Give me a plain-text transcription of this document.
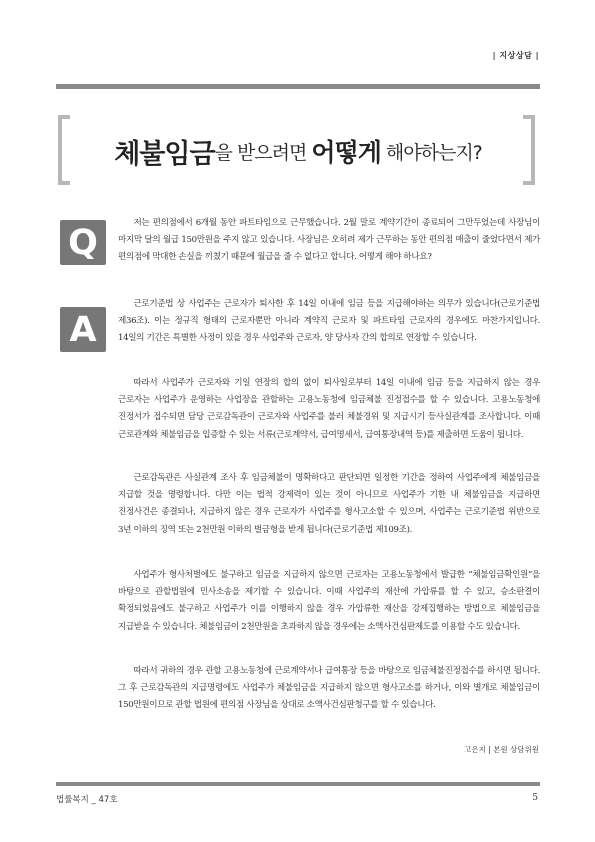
| 지상상담 |
체불임금 을 받으려면 어떻게 해야하는지?
Q	저는 편의점에서 6개월 동안 파트타임으로 근무했습니다. 2월 말로 계약기간이 종료되어 그만두었는데 사장님이 마지막 달의 월급 150만원을 주지 않고 있습니다. 사장님은 오히려 제가 근무하는 동안 편의점 매출이 줄었다면서 제가 편의점에 막대한 손실을 끼쳤기 때문에 월급을 줄 수 없다고 합니다. 어떻게 해야 하나요?

A

근로기준법 상 사업주는 근로자가 퇴사한 후 14일 이내에 임금 등을 지급해야하는 의무가 있습니다(근로기준법 제36조). 이는 정규직 형태의 근로자뿐만 아니라 계약직 근로자 및 파트타임 근로자의 경우에도 마찬가지입니다. 14일의 기간은 특별한 사정이 있을 경우 사업주와 근로자, 양 당사자 간의 합의로 연장할 수 있습니다.

따라서 사업주가 근로자와 기일 연장의 합의 없이 퇴사일로부터 14일 이내에 임금 등을 지급하지 않는 경우 근로자는 사업주가 운영하는 사업장을 관할하는 고용노동청에 임금체불 진정접수를 할 수 있습니다. 고용노동청에 진정서가 접수되면 담당 근로감독관이 근로자와 사업주를 불러 체불경위 및 지급시기 등사실관계를 조사합니다. 이때 근로관계와 체불임금을 입증할 수 있는 서류(근로계약서, 급여명세서, 급여통장내역 등)를 제출하면 도움이 됩니다.

근로감독관은 사실관계 조사 후 임금체불이 명확하다고 판단되면 일정한 기간을 정하여 사업주에게 체불임금을 지급할 것을 명령합니다. 다만 이는 법적 강제력이 있는 것이 아니므로 사업주가 기한 내 체불임금을 지급하면 진정사건은 종결되나, 지급하지 않은 경우 근로자가 사업주를 형사고소할 수 있으며, 사업주는 근로기준법 위반으로 3년 이하의 징역 또는 2천만원 이하의 벌금형을 받게 됩니다(근로기준법 제109조).

사업주가 형사처벌에도 불구하고 임금을 지급하지 않으면 근로자는 고용노동청에서 발급한 “체불임금확인원”을 바탕으로 관할법원에 민사소송을 제기할 수 있습니다. 이때 사업주의 재산에 가압류를 할 수 있고, 승소판결이 확정되었음에도 불구하고 사업주가 이를 이행하지 않을 경우 가압류한 재산을 강제집행하는 방법으로 체불임금을 지급받을 수 있습니다. 체불임금이 2천만원을 초과하지 않을 경우에는 소액사건심판제도를 이용할 수도 있습니다.

따라서 귀하의 경우 관할 고용노동청에 근로계약서나 급여통장 등을 바탕으로 임금체불진정접수를 하시면 됩니다. 그 후 근로감독관의 지급명령에도 사업주가 체불임금을 지급하지 않으면 형사고소를 하거나, 이와 별개로 체불임금이 150만원이므로 관할 법원에 편의점 사장님을 상대로 소액사건심판청구를 할 수 있습니다.

고은지 | 본원 상담위원
법률복지 _ 47호	5
